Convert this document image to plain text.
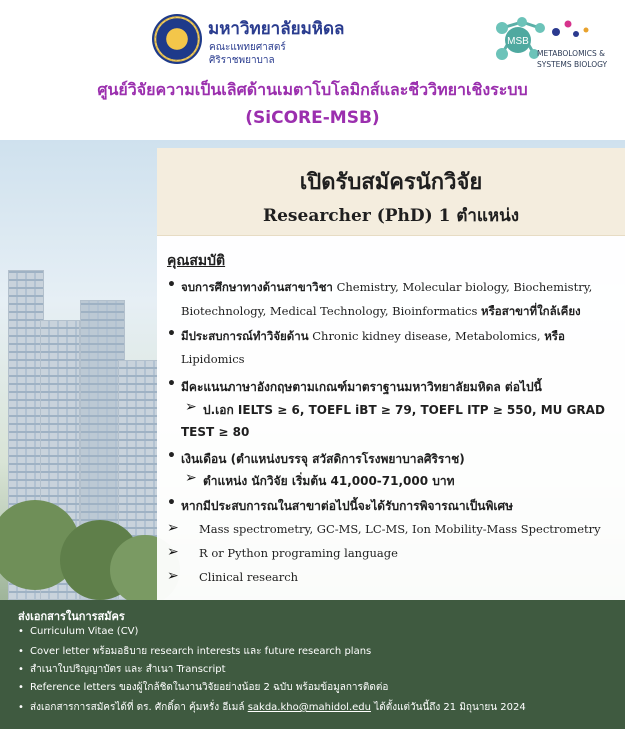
มหาวิทยาลัยมหิดล
คณะแพทยศาสตร์
ศิริราชพยาบาล
MSB
METABOLOMICS &
SYSTEMS BIOLOGY
ศูนย์วิจัยความเป็นเลิศด้านเมตาโบโลมิกส์และชีววิทยาเชิงระบบ
(SiCORE-MSB)
เปิดรับสมัครนักวิจัย
Researcher (PhD) 1 ตำแหน่ง
คุณสมบัติ
• จบการศึกษาทางด้านสาขาวิชา Chemistry, Molecular biology, Biochemistry,
Biotechnology, Medical Technology, Bioinformatics หรือสาขาที่ใกล้เคียง
• มีประสบการณ์ทำวิจัยด้าน Chronic kidney disease, Metabolomics, หรือ
Lipidomics
• มีคะแนนภาษาอังกฤษตามเกณฑ์มาตราฐานมหาวิทยาลัยมหิดล ต่อไปนี้
➢ ป.เอก IELTS ≥ 6, TOEFL iBT ≥ 79, TOEFL ITP ≥ 550, MU GRAD
TEST ≥ 80
• เงินเดือน (ตำแหน่งบรรจุ สวัสดิการโรงพยาบาลศิริราช)
➢ ตำแหน่ง นักวิจัย เริ่มต้น 41,000-71,000 บาท
• หากมีประสบการณในสาขาต่อไปนี้จะได้รับการพิจารณาเป็นพิเศษ
➢ Mass spectrometry, GC-MS, LC-MS, Ion Mobility-Mass Spectrometry
➢ R or Python programing language
➢ Clinical research
ส่งเอกสารในการสมัคร
• Curriculum Vitae (CV)
• Cover letter พร้อมอธิบาย research interests และ future research plans
• สำเนาใบปริญญาบัตร และ สำเนา Transcript
• Reference letters ของผู้ใกล้ชิดในงานวิจัยอย่างน้อย 2 ฉบับ พร้อมข้อมูลการติดต่อ
• ส่งเอกสารการสมัครได้ที่ ดร. ศักดิ์ดา คุ้มหรั่ง อีเมล์ sakda.kho@mahidol.edu ได้ตั้งแต่วันนี้ถึง 21 มิถุนายน 2024
